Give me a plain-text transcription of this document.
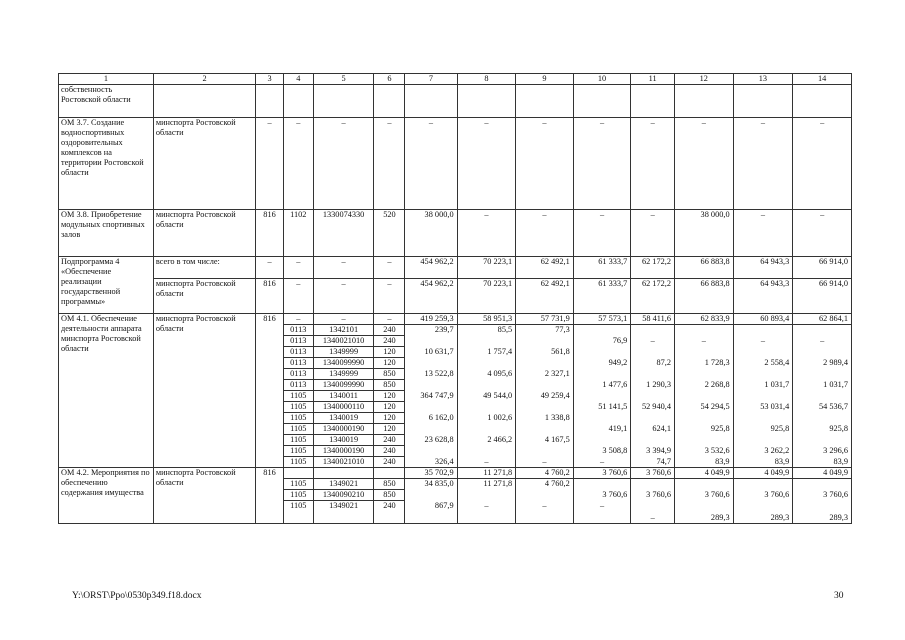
1	2	3	4	5	6	7	8	9	10	11	12	13	14
собственность Ростовской области													
ОМ 3.7. Создание водноспортивных оздоровительных комплексов на территории Ростовской области	минспорта Ростовской области	–	–	–	–	–	–	–	–	–	–	–	–
ОМ 3.8. Приобретение модульных спортивных залов	минспорта Ростовской области	816	1102	1330074330	520	38 000,0	–	–	–	–	38 000,0	–	–
Подпрограмма 4 «Обеспечение реализации государственной программы»	всего в том числе:	–	–	–	–	454 962,2	70 223,1	62 492,1	61 333,7	62 172,2	66 883,8	64 943,3	66 914,0
	минспорта Ростовской области	816	–	–	–	454 962,2	70 223,1	62 492,1	61 333,7	62 172,2	66 883,8	64 943,3	66 914,0
ОМ 4.1. Обеспечение деятельности аппарата минспорта Ростовской области	минспорта Ростовской области	816	–	–	–	419 259,3	58 951,3	57 731,9	57 573,1	58 411,6	62 833,9	60 893,4	62 864,1
			0113	1342101	240	239,7	85,5	77,3					
			0113	1340021010	240				76,9	–	–	–	–
			0113	1349999	120	10 631,7	1 757,4	561,8					
			0113	1340099990	120				949,2	87,2	1 728,3	2 558,4	2 989,4
			0113	1349999	850	13 522,8	4 095,6	2 327,1					
			0113	1340099990	850				1 477,6	1 290,3	2 268,8	1 031,7	1 031,7
			1105	1340011	120	364 747,9	49 544,0	49 259,4					
			1105	1340000110	120				51 141,5	52 940,4	54 294,5	53 031,4	54 536,7
			1105	1340019	120	6 162,0	1 002,6	1 338,8					
			1105	1340000190	120				419,1	624,1	925,8	925,8	925,8
			1105	1340019	240	23 628,8	2 466,2	4 167,5					
			1105	1340000190	240				3 508,8	3 394,9	3 532,6	3 262,2	3 296,6
			1105	1340021010	240	326,4	–	–	–	74,7	83,9	83,9	83,9
ОМ 4.2. Мероприятия по обеспечению содержания имущества	минспорта Ростовской области	816				35 702,9	11 271,8	4 760,2	3 760,6	3 760,6	4 049,9	4 049,9	4 049,9
			1105	1349021	850	34 835,0	11 271,8	4 760,2					
			1105	1340090210	850				3 760,6	3 760,6	3 760,6	3 760,6	3 760,6
			1105	1349021	240	867,9	–	–	–	–	289,3	289,3	289,3
Y:\ORST\Ppo\0530p349.f18.docx	30
